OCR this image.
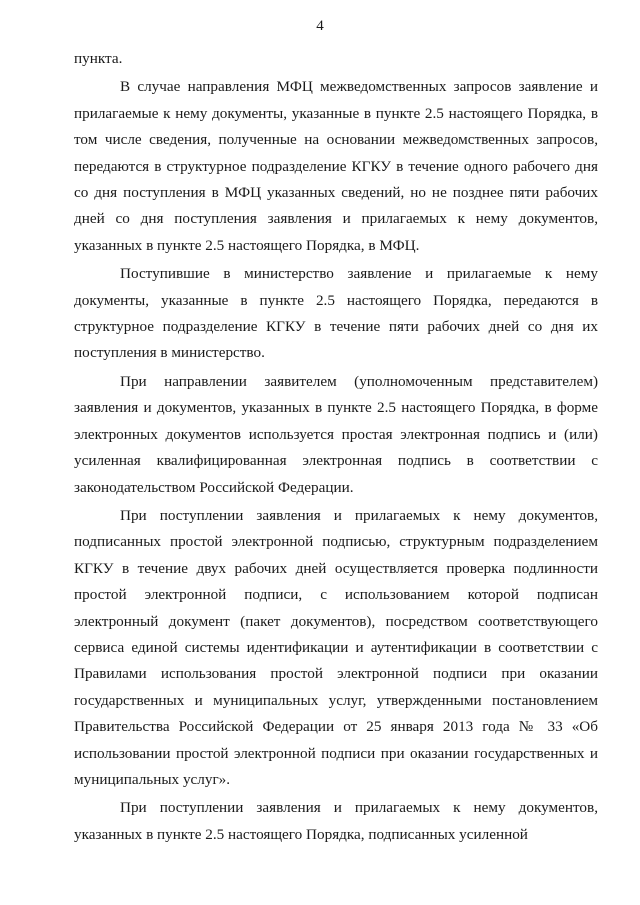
4

пункта.

В случае направления МФЦ межведомственных запросов заявление и прилагаемые к нему документы, указанные в пункте 2.5 настоящего Порядка, в том числе сведения, полученные на основании межведомственных запросов, передаются в структурное подразделение КГКУ в течение одного рабочего дня со дня поступления в МФЦ указанных сведений, но не позднее пяти рабочих дней со дня поступления заявления и прилагаемых к нему документов, указанных в пункте 2.5 настоящего Порядка, в МФЦ.

Поступившие в министерство заявление и прилагаемые к нему документы, указанные в пункте 2.5 настоящего Порядка, передаются в структурное подразделение КГКУ в течение пяти рабочих дней со дня их поступления в министерство.

При направлении заявителем (уполномоченным представителем) заявления и документов, указанных в пункте 2.5 настоящего Порядка, в форме электронных документов используется простая электронная подпись и (или) усиленная квалифицированная электронная подпись в соответствии с законодательством Российской Федерации.

При поступлении заявления и прилагаемых к нему документов, подписанных простой электронной подписью, структурным подразделением КГКУ в течение двух рабочих дней осуществляется проверка подлинности простой электронной подписи, с использованием которой подписан электронный документ (пакет документов), посредством соответствующего сервиса единой системы идентификации и аутентификации в соответствии с Правилами использования простой электронной подписи при оказании государственных и муниципальных услуг, утвержденными постановлением Правительства Российской Федерации от 25 января 2013 года № 33 «Об использовании простой электронной подписи при оказании государственных и муниципальных услуг».

При поступлении заявления и прилагаемых к нему документов, указанных в пункте 2.5 настоящего Порядка, подписанных усиленной
